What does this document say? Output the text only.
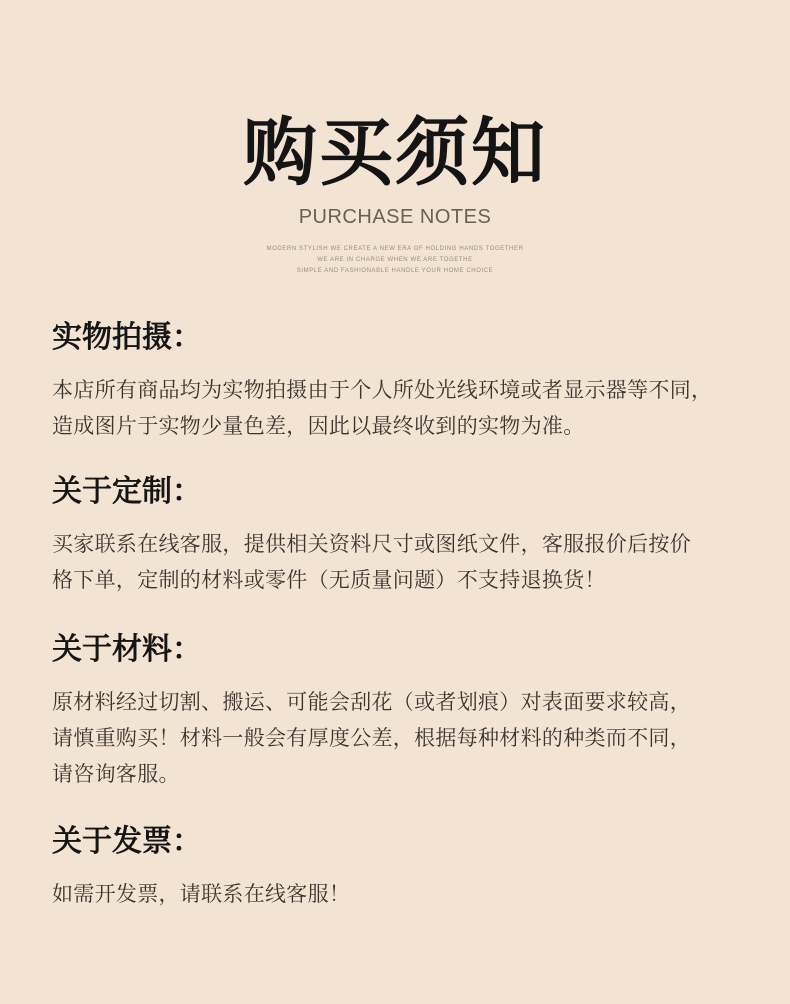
购买须知
PURCHASE NOTES
MODERN STYLISH WE CREATE A NEW ERA OF HOLDING HANDS TOGETHER
WE ARE IN CHARGE WHEN WE ARE TOGETHE
SIMPLE AND FASHIONABLE HANDLE YOUR HOME CHOICE
实物拍摄：
本店所有商品均为实物拍摄由于个人所处光线环境或者显示器等不同，
造成图片于实物少量色差，因此以最终收到的实物为准。
关于定制：
买家联系在线客服，提供相关资料尺寸或图纸文件，客服报价后按价
格下单，定制的材料或零件（无质量问题）不支持退换货！
关于材料：
原材料经过切割、搬运、可能会刮花（或者划痕）对表面要求较高，
请慎重购买！材料一般会有厚度公差，根据每种材料的种类而不同，
请咨询客服。
关于发票：
如需开发票，请联系在线客服！
